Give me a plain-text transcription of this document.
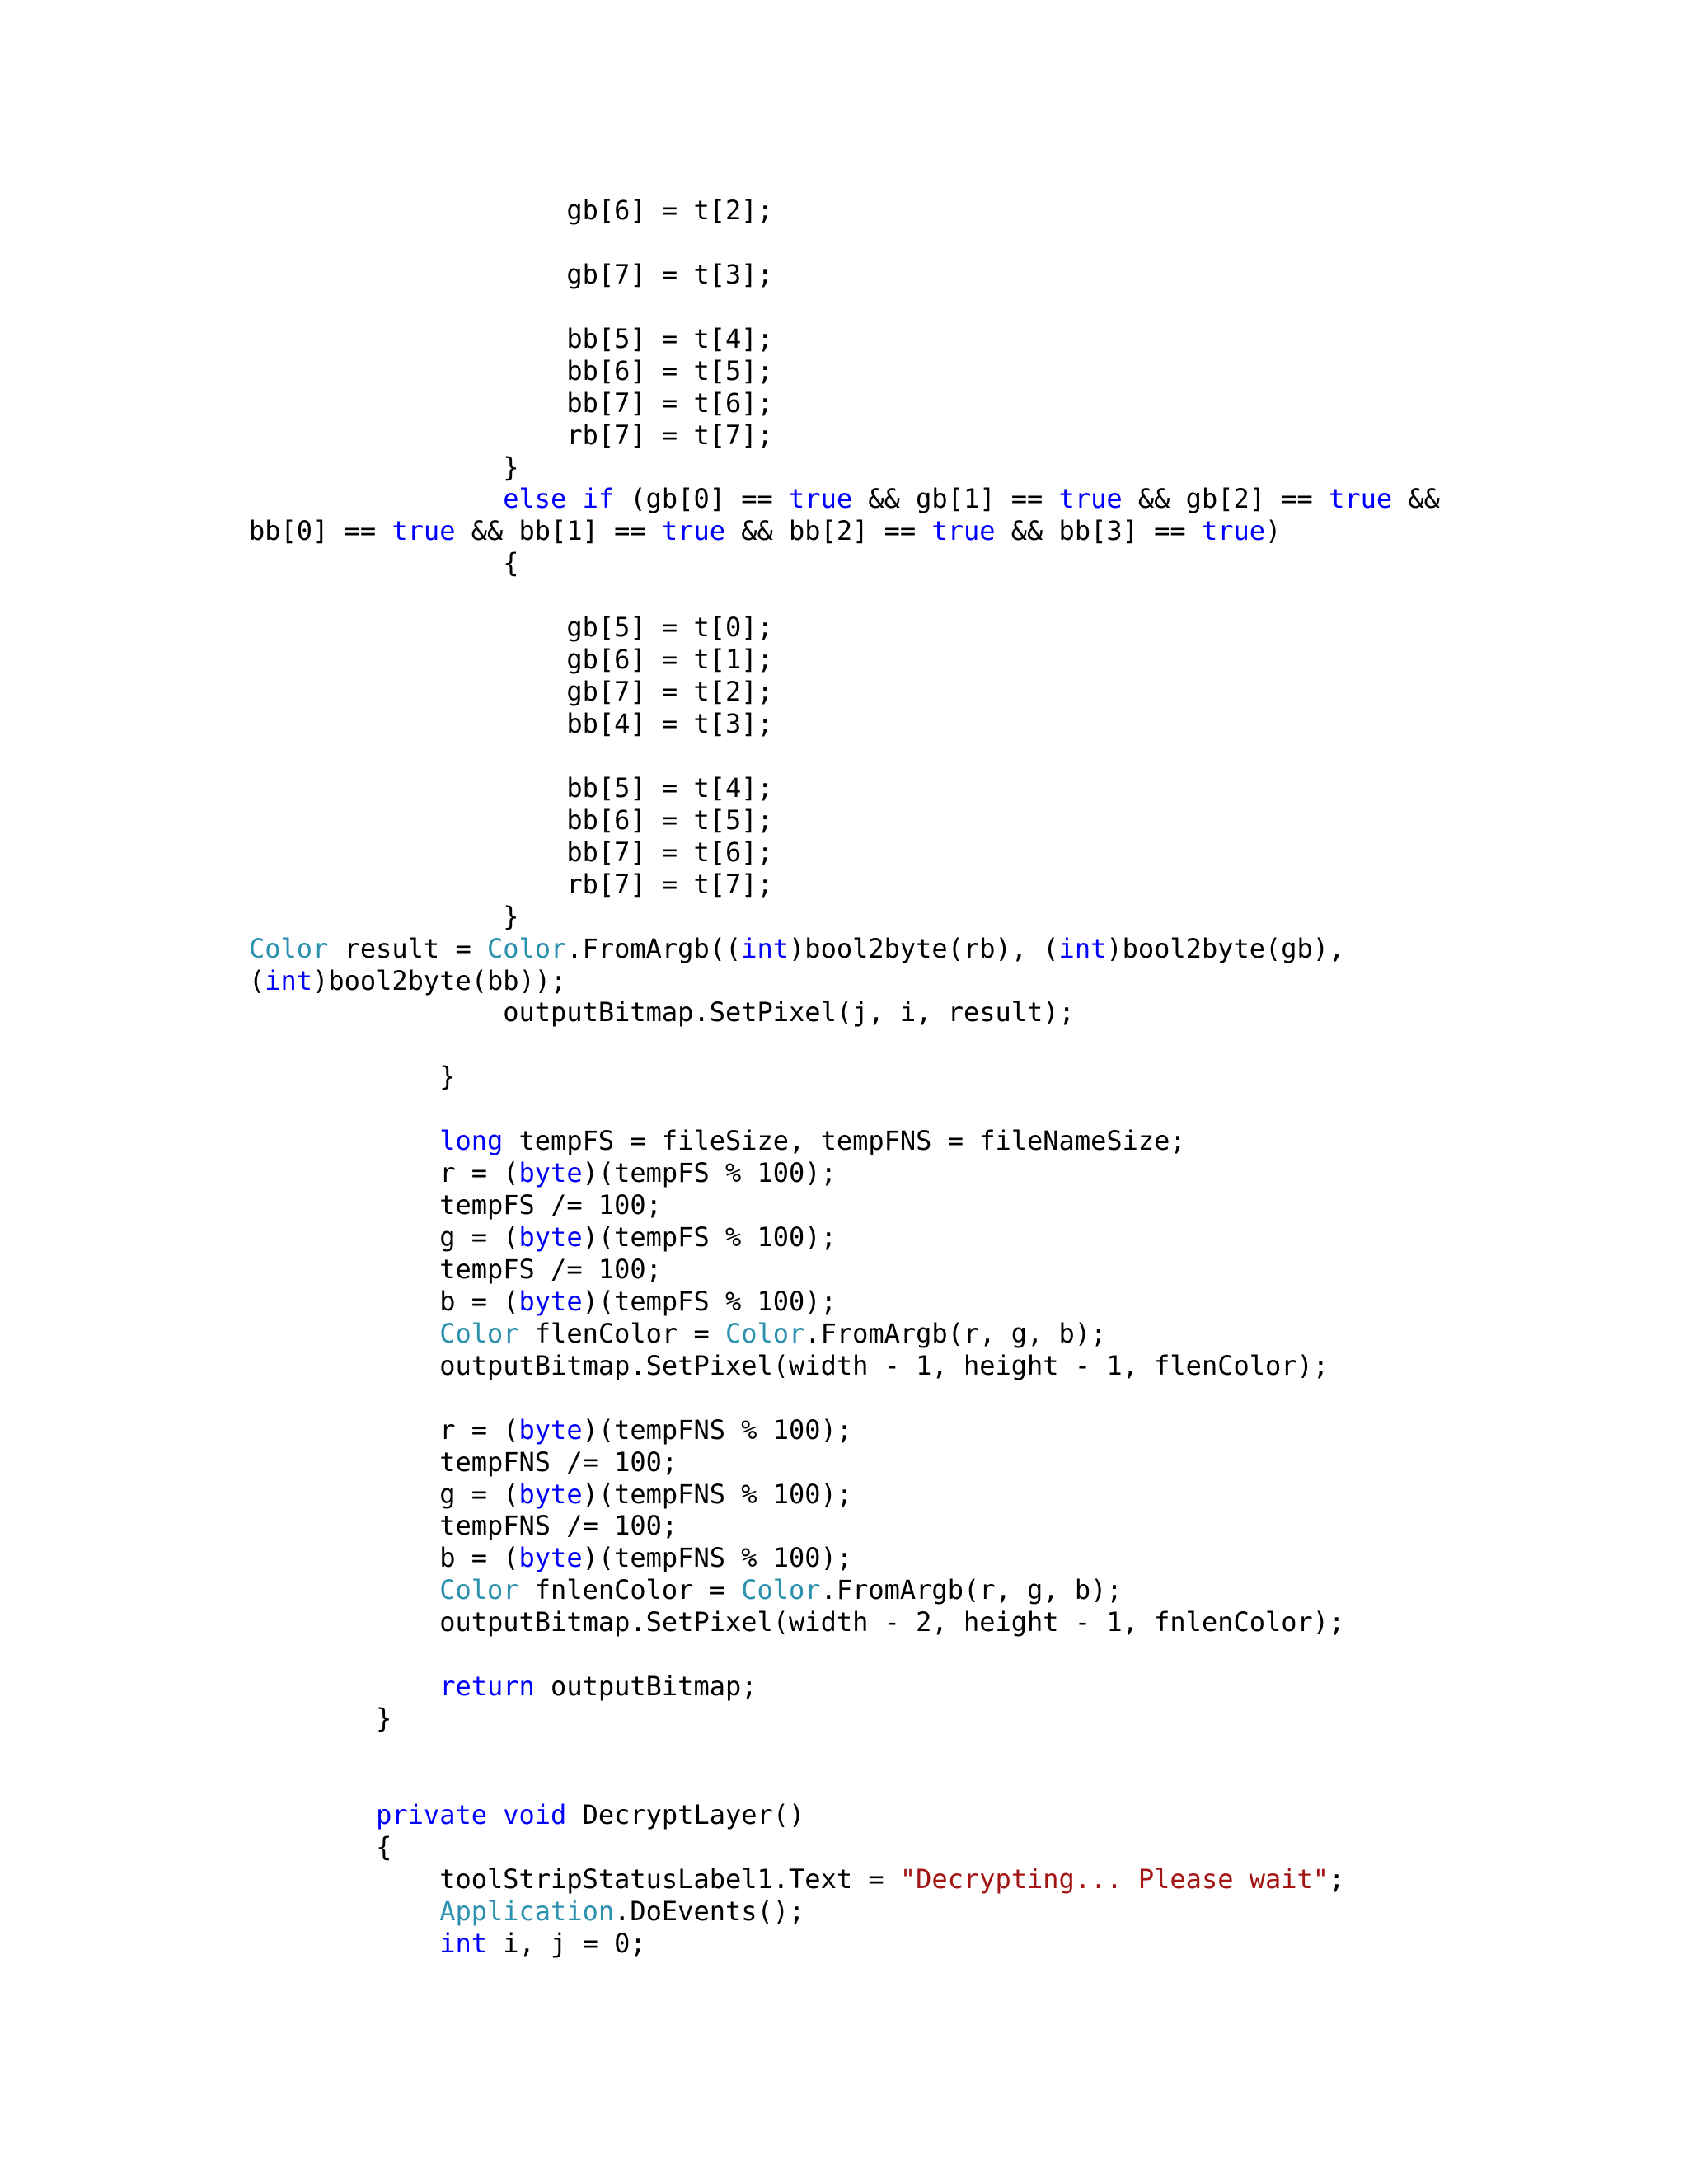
gb[6] = t[2];
gb[7] = t[3];
bb[5] = t[4];
bb[6] = t[5];
bb[7] = t[6];
rb[7] = t[7];
}
else if (gb[0] == true && gb[1] == true && gb[2] == true &&
bb[0] == true && bb[1] == true && bb[2] == true && bb[3] == true)
{
gb[5] = t[0];
gb[6] = t[1];
gb[7] = t[2];
bb[4] = t[3];
bb[5] = t[4];
bb[6] = t[5];
bb[7] = t[6];
rb[7] = t[7];
}
Color result = Color.FromArgb((int)bool2byte(rb), (int)bool2byte(gb),
(int)bool2byte(bb));
outputBitmap.SetPixel(j, i, result);
}
long tempFS = fileSize, tempFNS = fileNameSize;
r = (byte)(tempFS % 100);
tempFS /= 100;
g = (byte)(tempFS % 100);
tempFS /= 100;
b = (byte)(tempFS % 100);
Color flenColor = Color.FromArgb(r, g, b);
outputBitmap.SetPixel(width - 1, height - 1, flenColor);
r = (byte)(tempFNS % 100);
tempFNS /= 100;
g = (byte)(tempFNS % 100);
tempFNS /= 100;
b = (byte)(tempFNS % 100);
Color fnlenColor = Color.FromArgb(r, g, b);
outputBitmap.SetPixel(width - 2, height - 1, fnlenColor);
return outputBitmap;
}
private void DecryptLayer()
{
toolStripStatusLabel1.Text = "Decrypting... Please wait";
Application.DoEvents();
int i, j = 0;
